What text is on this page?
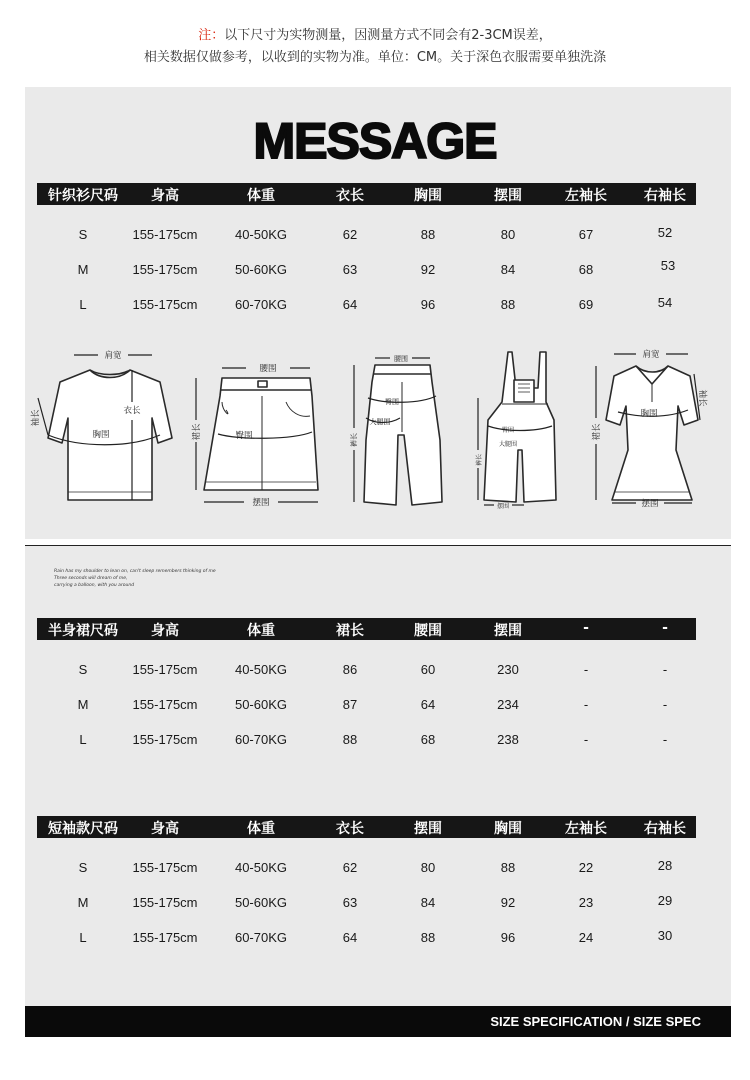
注：以下尺寸为实物测量，因测量方式不同会有2-3CM误差，
相关数据仅做参考，以收到的实物为准。单位：CM。关于深色衣服需要单独洗涤
MESSAGE
针织衫尺码 身高	体重	衣长	胸围	摆围	左袖长	右袖长
S	155-175cm	40-50KG	62	88	80	67	52
M	155-175cm	50-60KG	63	92	84	68	53
L	155-175cm	60-70KG	64	96	88	69	54
肩宽
衣长
胸围
袖长
腰围
裙长	臀围
摆围
腰围
臀围
大腿围
裤长
臀围
大腿围
裤长
摆围
肩宽
袖长
胸围
裙长
摆围
Rain has my shoulder to lean on, can't sleep remembers thinking of me
Three seconds will dream of me,
carrying a balloon, with you around
半身裙尺码 身高	体重	裙长	腰围	摆围	-	-
S	155-175cm	40-50KG	86	60	230	-	-
M	155-175cm	50-60KG	87	64	234	-	-
L	155-175cm	60-70KG	88	68	238	-	-
短袖款尺码 身高	体重	衣长	摆围	胸围	左袖长	右袖长
S	155-175cm	40-50KG	62	80	88	22	28
M	155-175cm	50-60KG	63	84	92	23	29
L	155-175cm	60-70KG	64	88	96	24	30
SIZE SPECIFICATION / SIZE SPEC
